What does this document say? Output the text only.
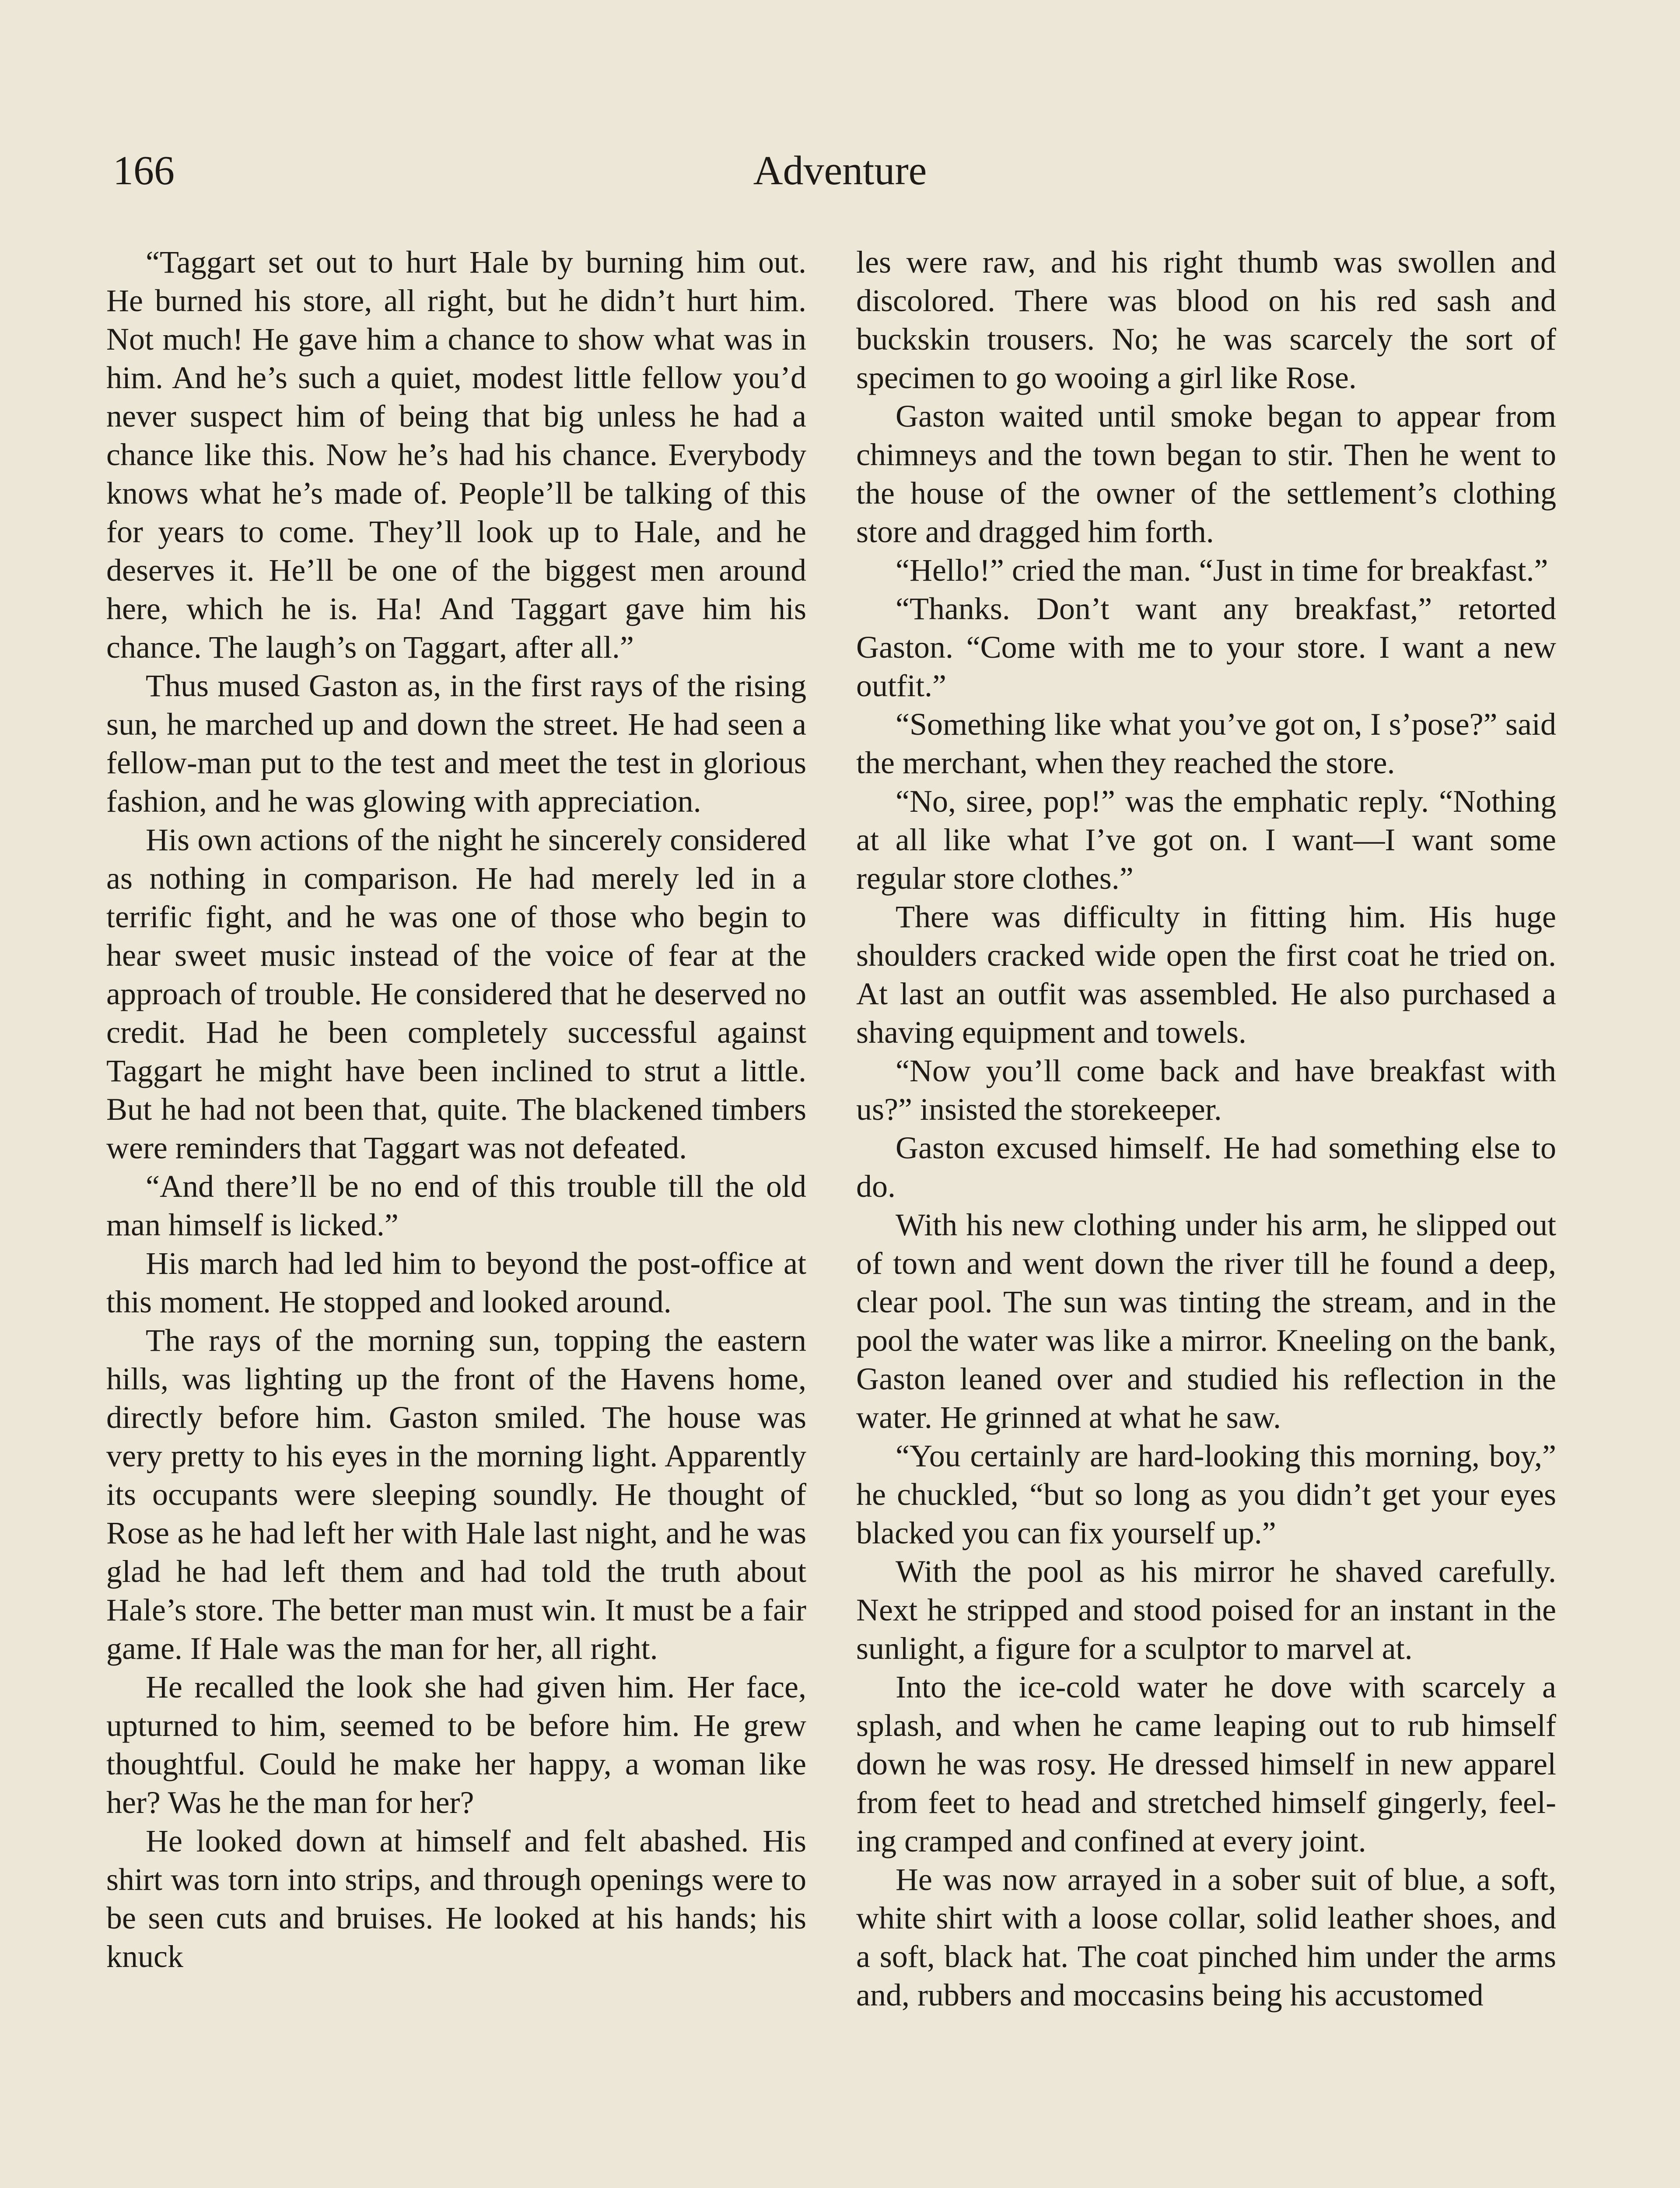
166	Adventure

“Taggart set out to hurt Hale by burning him out. He burned his store, all right, but he didn’t hurt him. Not much! He gave him a chance to show what was in him. And he’s such a quiet, modest little fellow you’d never suspect him of being that big unless he had a chance like this. Now he’s had his chance. Everybody knows what he’s made of. People’ll be talking of this for years to come. They’ll look up to Hale, and he deserves it. He’ll be one of the biggest men around here, which he is. Ha! And Taggart gave him his chance. The laugh’s on Taggart, after all.”

Thus mused Gaston as, in the first rays of the rising sun, he marched up and down the street. He had seen a fellow-man put to the test and meet the test in glorious fashion, and he was glowing with appreciation.

His own actions of the night he sincerely considered as nothing in comparison. He had merely led in a terrific fight, and he was one of those who begin to hear sweet music instead of the voice of fear at the approach of trouble. He considered that he deserved no credit. Had he been completely successful against Taggart he might have been inclined to strut a little. But he had not been that, quite. The blackened timbers were reminders that Taggart was not defeated.

“And there’ll be no end of this trouble till the old man himself is licked.”

His march had led him to beyond the post-office at this moment. He stopped and looked around.

The rays of the morning sun, topping the eastern hills, was lighting up the front of the Havens home, directly before him. Gaston smiled. The house was very pretty to his eyes in the morning light. Apparently its occupants were sleeping soundly. He thought of Rose as he had left her with Hale last night, and he was glad he had left them and had told the truth about Hale’s store. The better man must win. It must be a fair game. If Hale was the man for her, all right.

He recalled the look she had given him. Her face, upturned to him, seemed to be before him. He grew thoughtful. Could he make her happy, a woman like her? Was he the man for her?

He looked down at himself and felt abashed. His shirt was torn into strips, and through openings were to be seen cuts and bruises. He looked at his hands; his knuck

les were raw, and his right thumb was swollen and discolored. There was blood on his red sash and buckskin trousers. No; he was scarcely the sort of specimen to go wooing a girl like Rose.

Gaston waited until smoke began to appear from chimneys and the town began to stir. Then he went to the house of the owner of the settlement’s clothing store and dragged him forth.

“Hello!” cried the man. “Just in time for breakfast.”

“Thanks. Don’t want any breakfast,” retorted Gaston. “Come with me to your store. I want a new outfit.”

“Something like what you’ve got on, I s’pose?” said the merchant, when they reached the store.

“No, siree, pop!” was the emphatic reply. “Nothing at all like what I’ve got on. I want—I want some regular store clothes.”

There was difficulty in fitting him. His huge shoulders cracked wide open the first coat he tried on. At last an outfit was assembled. He also purchased a shaving equipment and towels.

“Now you’ll come back and have breakfast with us?” insisted the storekeeper.

Gaston excused himself. He had something else to do.

With his new clothing under his arm, he slipped out of town and went down the river till he found a deep, clear pool. The sun was tinting the stream, and in the pool the water was like a mirror. Kneeling on the bank, Gaston leaned over and studied his reflection in the water. He grinned at what he saw.

“You certainly are hard-looking this morning, boy,” he chuckled, “but so long as you didn’t get your eyes blacked you can fix yourself up.”

With the pool as his mirror he shaved carefully. Next he stripped and stood poised for an instant in the sunlight, a figure for a sculptor to marvel at.

Into the ice-cold water he dove with scarcely a splash, and when he came leaping out to rub himself down he was rosy. He dressed himself in new apparel from feet to head and stretched himself gingerly, feeling cramped and confined at every joint.

He was now arrayed in a sober suit of blue, a soft, white shirt with a loose collar, solid leather shoes, and a soft, black hat. The coat pinched him under the arms and, rubbers and moccasins being his accustomed
